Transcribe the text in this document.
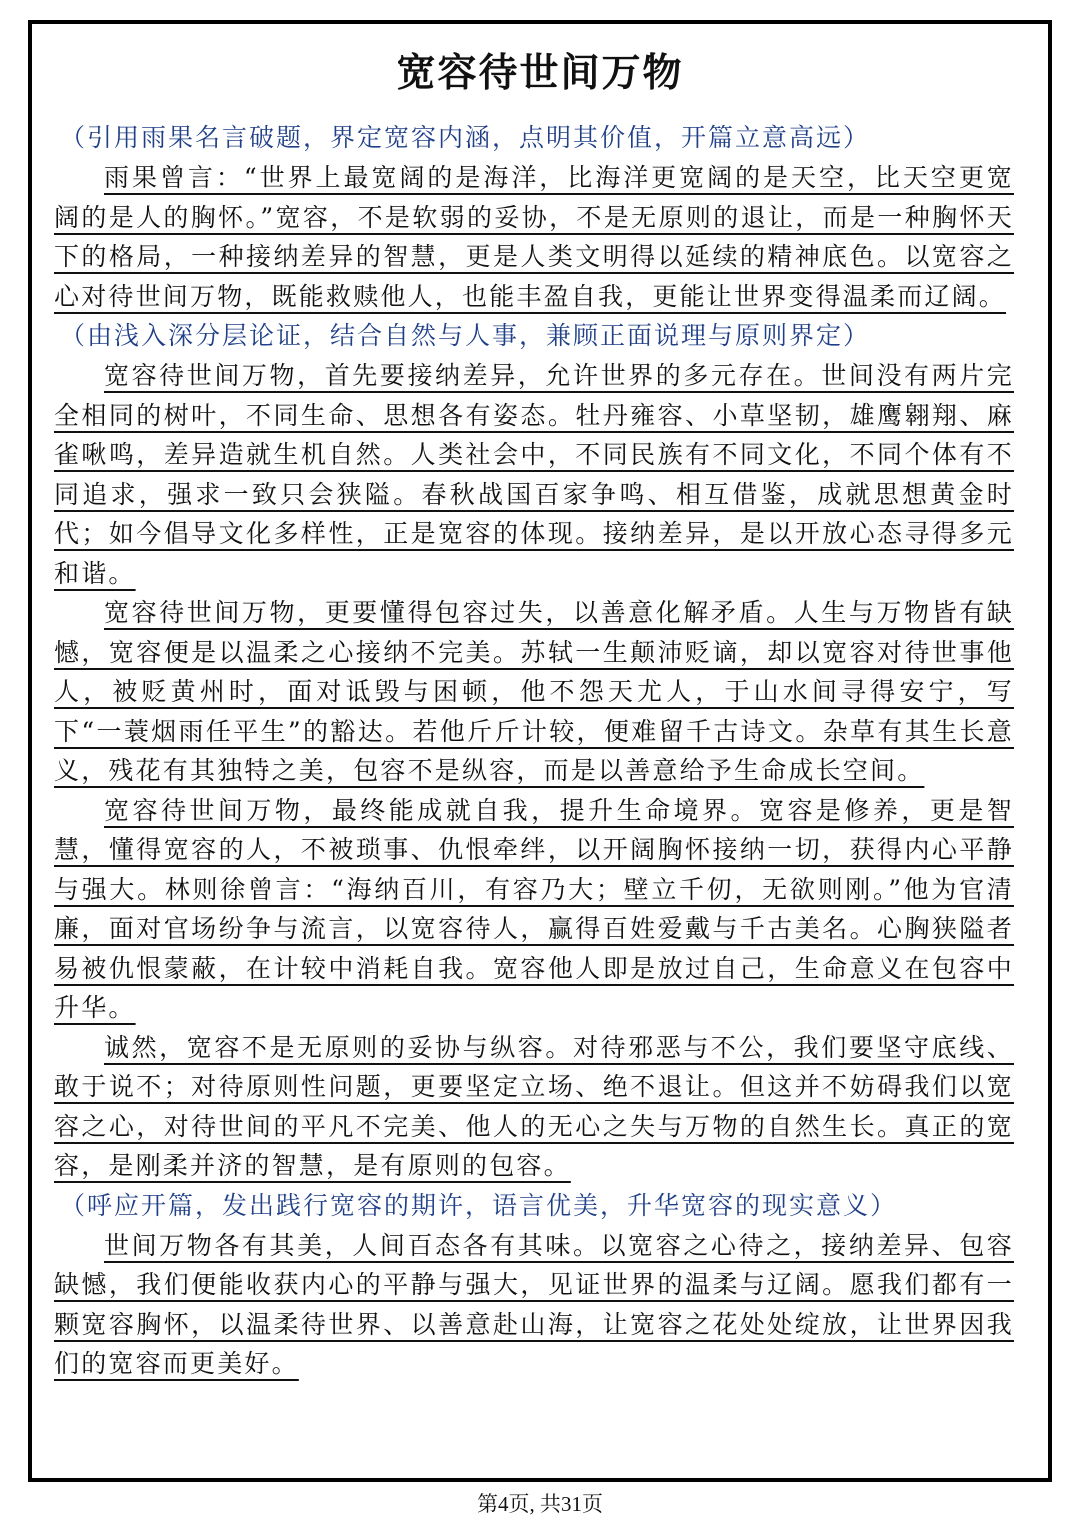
宽容待世间万物
（引用雨果名言破题，界定宽容内涵，点明其价值，开篇立意高远）

雨果曾言：“世界上最宽阔的是海洋，比海洋更宽阔的是天空，比天空更宽阔的是人的胸怀。”宽容，不是软弱的妥协，不是无原则的退让，而是一种胸怀天下的格局，一种接纳差异的智慧，更是人类文明得以延续的精神底色。以宽容之心对待世间万物，既能救赎他人，也能丰盈自我，更能让世界变得温柔而辽阔。

（由浅入深分层论证，结合自然与人事，兼顾正面说理与原则界定）

宽容待世间万物，首先要接纳差异，允许世界的多元存在。世间没有两片完全相同的树叶，不同生命、思想各有姿态。牡丹雍容、小草坚韧，雄鹰翱翔、麻雀啾鸣，差异造就生机自然。人类社会中，不同民族有不同文化，不同个体有不同追求，强求一致只会狭隘。春秋战国百家争鸣、相互借鉴，成就思想黄金时代；如今倡导文化多样性，正是宽容的体现。接纳差异，是以开放心态寻得多元和谐。

宽容待世间万物，更要懂得包容过失，以善意化解矛盾。人生与万物皆有缺憾，宽容便是以温柔之心接纳不完美。苏轼一生颠沛贬谪，却以宽容对待世事他人，被贬黄州时，面对诋毁与困顿，他不怨天尤人，于山水间寻得安宁，写下“一蓑烟雨任平生”的豁达。若他斤斤计较，便难留千古诗文。杂草有其生长意义，残花有其独特之美，包容不是纵容，而是以善意给予生命成长空间。

宽容待世间万物，最终能成就自我，提升生命境界。宽容是修养，更是智慧，懂得宽容的人，不被琐事、仇恨牵绊，以开阔胸怀接纳一切，获得内心平静与强大。林则徐曾言：“海纳百川，有容乃大；壁立千仞，无欲则刚。”他为官清廉，面对官场纷争与流言，以宽容待人，赢得百姓爱戴与千古美名。心胸狭隘者易被仇恨蒙蔽，在计较中消耗自我。宽容他人即是放过自己，生命意义在包容中升华。

诚然，宽容不是无原则的妥协与纵容。对待邪恶与不公，我们要坚守底线、敢于说不；对待原则性问题，更要坚定立场、绝不退让。但这并不妨碍我们以宽容之心，对待世间的平凡不完美、他人的无心之失与万物的自然生长。真正的宽容，是刚柔并济的智慧，是有原则的包容。

（呼应开篇，发出践行宽容的期许，语言优美，升华宽容的现实意义）

世间万物各有其美，人间百态各有其味。以宽容之心待之，接纳差异、包容缺憾，我们便能收获内心的平静与强大，见证世界的温柔与辽阔。愿我们都有一颗宽容胸怀，以温柔待世界、以善意赴山海，让宽容之花处处绽放，让世界因我们的宽容而更美好。

第4页, 共31页
